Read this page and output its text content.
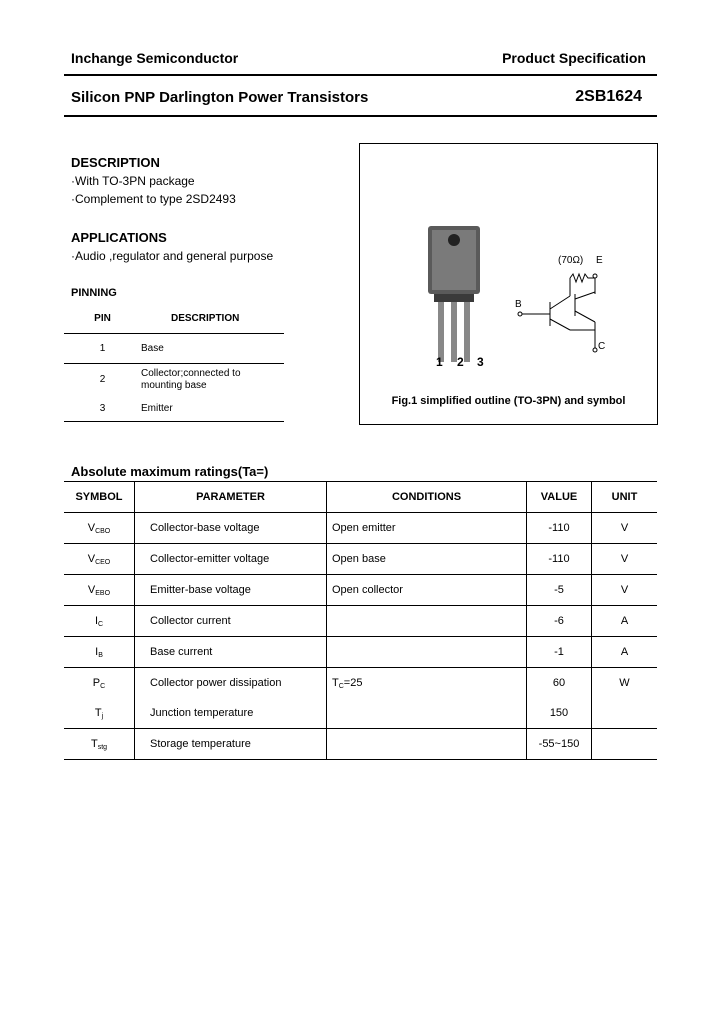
Inchange Semiconductor	Product Specification
Silicon PNP Darlington Power Transistors	2SB1624
DESCRIPTION
·With TO-3PN package
·Complement to type 2SD2493
APPLICATIONS
·Audio ,regulator and general purpose
PINNING
PIN	DESCRIPTION
1	Base
2	Collector;connected to mounting base
3	Emitter
1 2 3
(70Ω) E
B
C
Fig.1 simplified outline (TO-3PN) and symbol
Absolute maximum ratings(Ta=)
SYMBOL	PARAMETER	CONDITIONS	VALUE	UNIT
$V_{CBO}$	Collector-base voltage	Open emitter	-110	V
$V_{CEO}$	Collector-emitter voltage	Open base	-110	V
$V_{EBO}$	Emitter-base voltage	Open collector	-5	V
$I_C$	Collector current		-6	A
$I_B$	Base current		-1	A
$P_C$	Collector power dissipation	$T_C=25$	60	W
$T_j$	Junction temperature		150	
$T_{stg}$	Storage temperature		-55~150	
